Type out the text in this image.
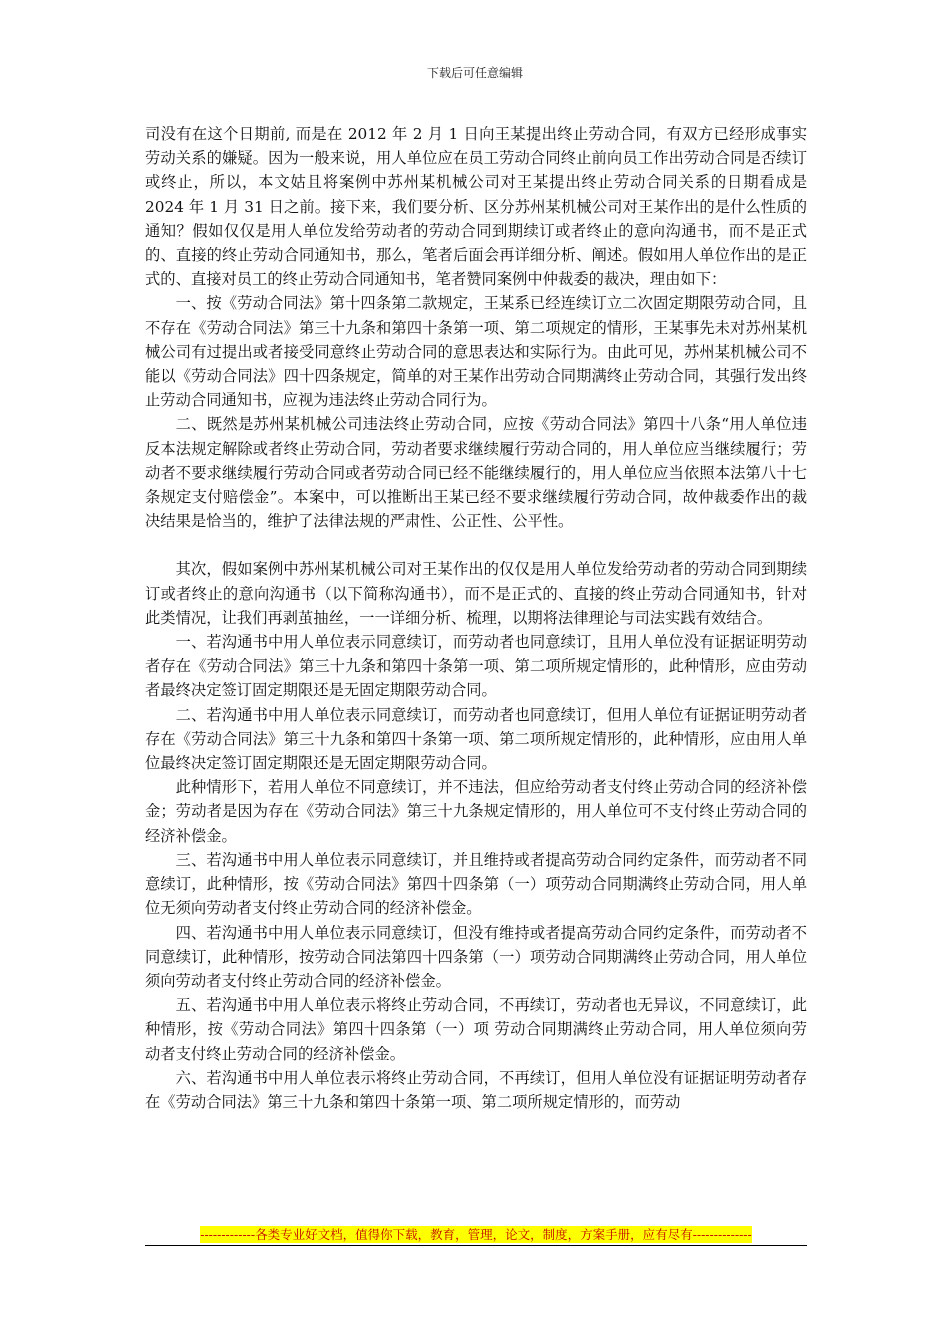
下载后可任意编辑

司没有在这个日期前, 而是在 2012 年 2 月 1 日向王某提出终止劳动合同，有双方已经形成事实劳动关系的嫌疑。因为一般来说，用人单位应在员工劳动合同终止前向员工作出劳动合同是否续订或终止，所以，本文姑且将案例中苏州某机械公司对王某提出终止劳动合同关系的日期看成是 2024 年 1 月 31 日之前。接下来，我们要分析、区分苏州某机械公司对王某作出的是什么性质的通知？假如仅仅是用人单位发给劳动者的劳动合同到期续订或者终止的意向沟通书，而不是正式的、直接的终止劳动合同通知书，那么，笔者后面会再详细分析、阐述。假如用人单位作出的是正式的、直接对员工的终止劳动合同通知书，笔者赞同案例中仲裁委的裁决，理由如下：

一、按《劳动合同法》第十四条第二款规定，王某系已经连续订立二次固定期限劳动合同，且不存在《劳动合同法》第三十九条和第四十条第一项、第二项规定的情形，王某事先未对苏州某机械公司有过提出或者接受同意终止劳动合同的意思表达和实际行为。由此可见，苏州某机械公司不能以《劳动合同法》四十四条规定，简单的对王某作出劳动合同期满终止劳动合同，其强行发出终止劳动合同通知书，应视为违法终止劳动合同行为。

二、既然是苏州某机械公司违法终止劳动合同，应按《劳动合同法》第四十八条“用人单位违反本法规定解除或者终止劳动合同，劳动者要求继续履行劳动合同的，用人单位应当继续履行；劳动者不要求继续履行劳动合同或者劳动合同已经不能继续履行的，用人单位应当依照本法第八十七条规定支付赔偿金”。本案中，可以推断出王某已经不要求继续履行劳动合同，故仲裁委作出的裁决结果是恰当的，维护了法律法规的严肃性、公正性、公平性。

其次，假如案例中苏州某机械公司对王某作出的仅仅是用人单位发给劳动者的劳动合同到期续订或者终止的意向沟通书（以下简称沟通书），而不是正式的、直接的终止劳动合同通知书，针对此类情况，让我们再剥茧抽丝，一一详细分析、梳理，以期将法律理论与司法实践有效结合。

一、若沟通书中用人单位表示同意续订，而劳动者也同意续订，且用人单位没有证据证明劳动者存在《劳动合同法》第三十九条和第四十条第一项、第二项所规定情形的，此种情形，应由劳动者最终决定签订固定期限还是无固定期限劳动合同。

二、若沟通书中用人单位表示同意续订，而劳动者也同意续订，但用人单位有证据证明劳动者存在《劳动合同法》第三十九条和第四十条第一项、第二项所规定情形的，此种情形，应由用人单位最终决定签订固定期限还是无固定期限劳动合同。

此种情形下，若用人单位不同意续订，并不违法，但应给劳动者支付终止劳动合同的经济补偿金；劳动者是因为存在《劳动合同法》第三十九条规定情形的，用人单位可不支付终止劳动合同的经济补偿金。

三、若沟通书中用人单位表示同意续订，并且维持或者提高劳动合同约定条件，而劳动者不同意续订，此种情形，按《劳动合同法》第四十四条第（一）项劳动合同期满终止劳动合同，用人单位无须向劳动者支付终止劳动合同的经济补偿金。

四、若沟通书中用人单位表示同意续订，但没有维持或者提高劳动合同约定条件，而劳动者不同意续订，此种情形，按劳动合同法第四十四条第（一）项劳动合同期满终止劳动合同，用人单位须向劳动者支付终止劳动合同的经济补偿金。

五、若沟通书中用人单位表示将终止劳动合同，不再续订，劳动者也无异议，不同意续订，此种情形，按《劳动合同法》第四十四条第（一）项 劳动合同期满终止劳动合同，用人单位须向劳动者支付终止劳动合同的经济补偿金。

六、若沟通书中用人单位表示将终止劳动合同，不再续订，但用人单位没有证据证明劳动者存在《劳动合同法》第三十九条和第四十条第一项、第二项所规定情形的，而劳动

-------------各类专业好文档，值得你下载，教育，管理，论文，制度，方案手册，应有尽有--------------
